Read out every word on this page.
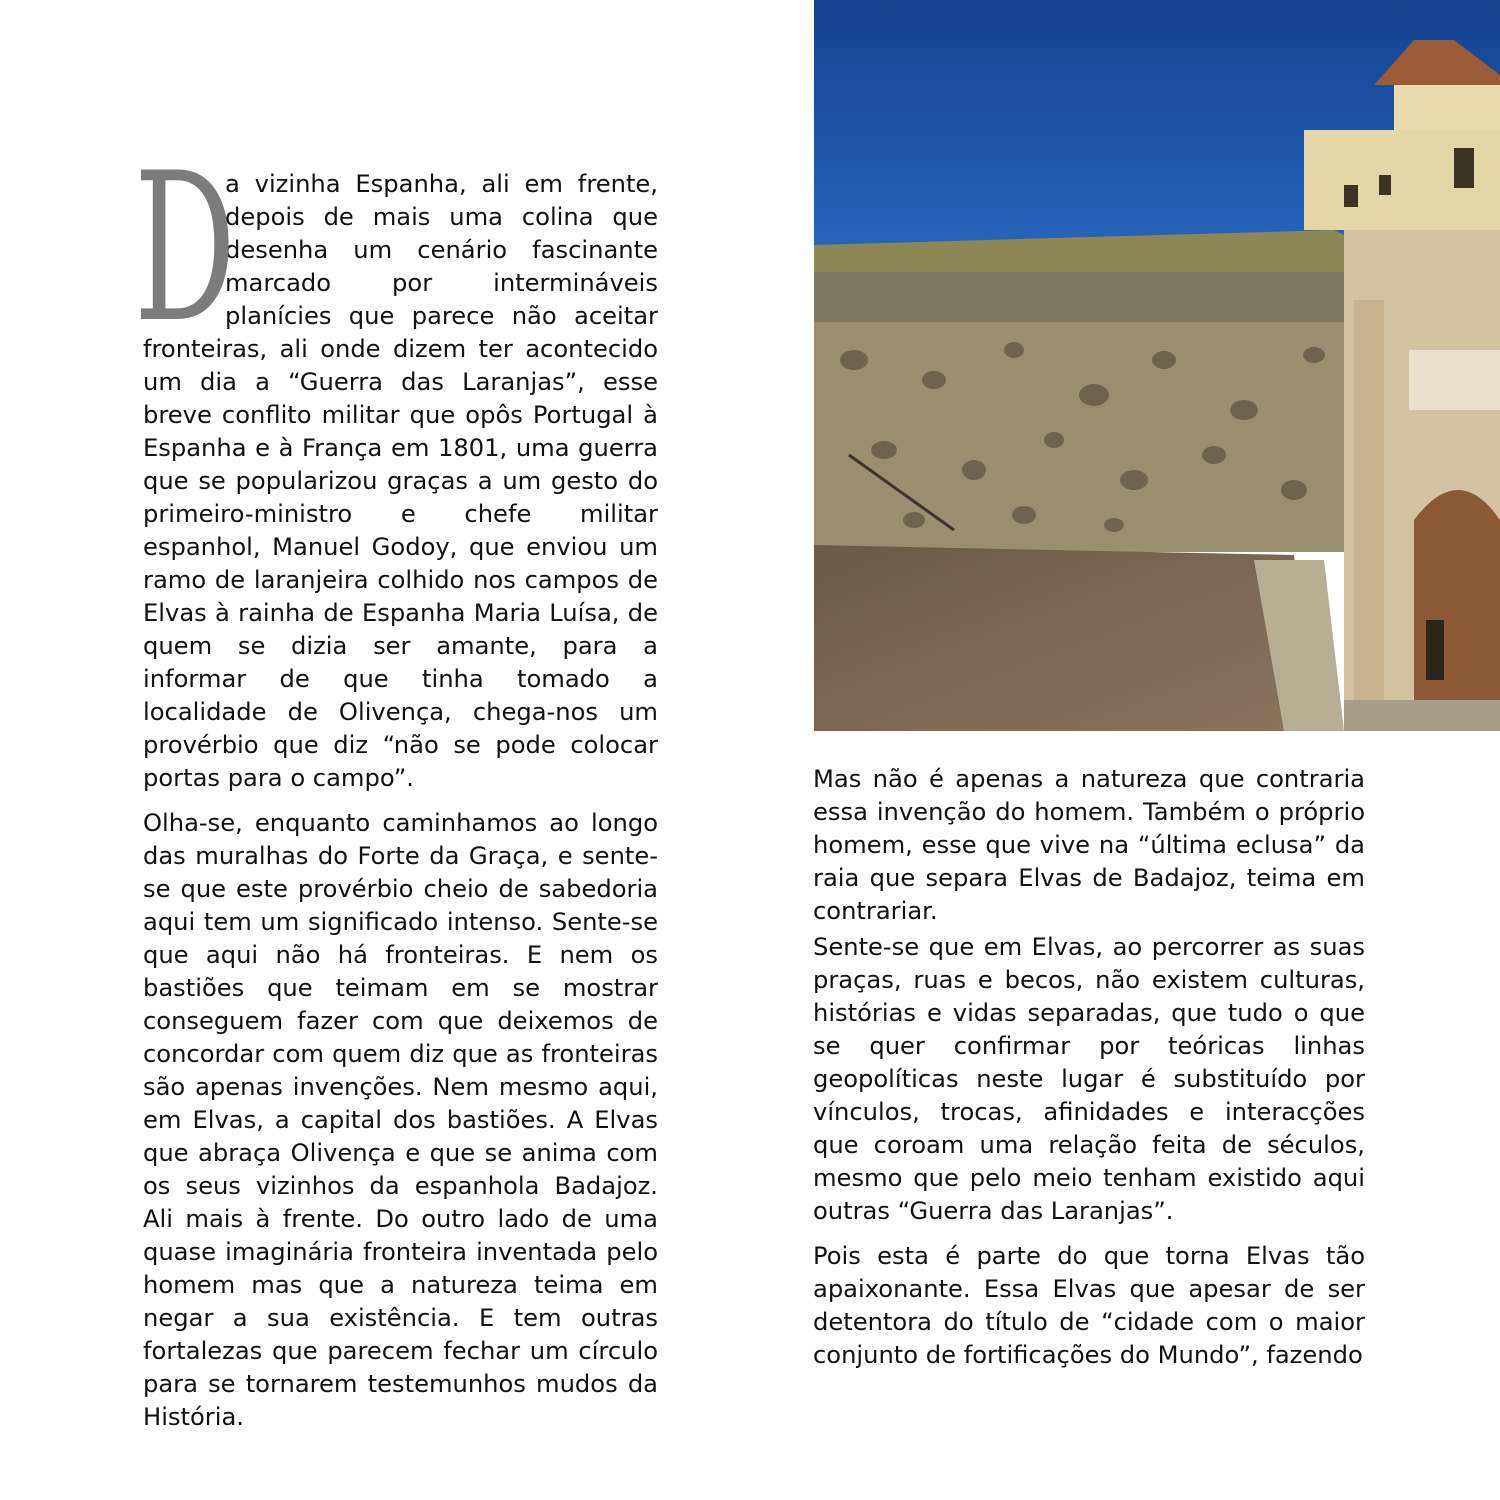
D
a vizinha Espanha, ali em frente, depois de mais uma colina que desenha um cenário fascinante marcado por intermináveis planícies que parece não aceitar fronteiras, ali onde dizem ter acontecido um dia a “Guerra das Laranjas”, esse breve conflito militar que opôs Portugal à Espanha e à França em 1801, uma guerra que se popularizou graças a um gesto do primeiro-ministro e chefe militar espanhol, Manuel Godoy, que enviou um ramo de laranjeira colhido nos campos de Elvas à rainha de Espanha Maria Luísa, de quem se dizia ser amante, para a informar de que tinha tomado a localidade de Olivença, chega-nos um provérbio que diz “não se pode colocar portas para o campo”.

Olha-se, enquanto caminhamos ao longo das muralhas do Forte da Graça, e sente-se que este provérbio cheio de sabedoria aqui tem um significado intenso. Sente-se que aqui não há fronteiras. E nem os bastiões que teimam em se mostrar conseguem fazer com que deixemos de concordar com quem diz que as fronteiras são apenas invenções. Nem mesmo aqui, em Elvas, a capital dos bastiões. A Elvas que abraça Olivença e que se anima com os seus vizinhos da espanhola Badajoz. Ali mais à frente. Do outro lado de uma quase imaginária fronteira inventada pelo homem mas que a natureza teima em negar a sua existência. E tem outras fortalezas que parecem fechar um círculo para se tornarem testemunhos mudos da História.

Mas não é apenas a natureza que contraria essa invenção do homem. Também o próprio homem, esse que vive na “última eclusa” da raia que separa Elvas de Badajoz, teima em contrariar.

Sente-se que em Elvas, ao percorrer as suas praças, ruas e becos, não existem culturas, histórias e vidas separadas, que tudo o que se quer confirmar por teóricas linhas geopolíticas neste lugar é substituído por vínculos, trocas, afinidades e interacções que coroam uma relação feita de séculos, mesmo que pelo meio tenham existido aqui outras “Guerra das Laranjas”.

Pois esta é parte do que torna Elvas tão apaixonante. Essa Elvas que apesar de ser detentora do título de “cidade com o maior conjunto de fortificações do Mundo”, fazendo
